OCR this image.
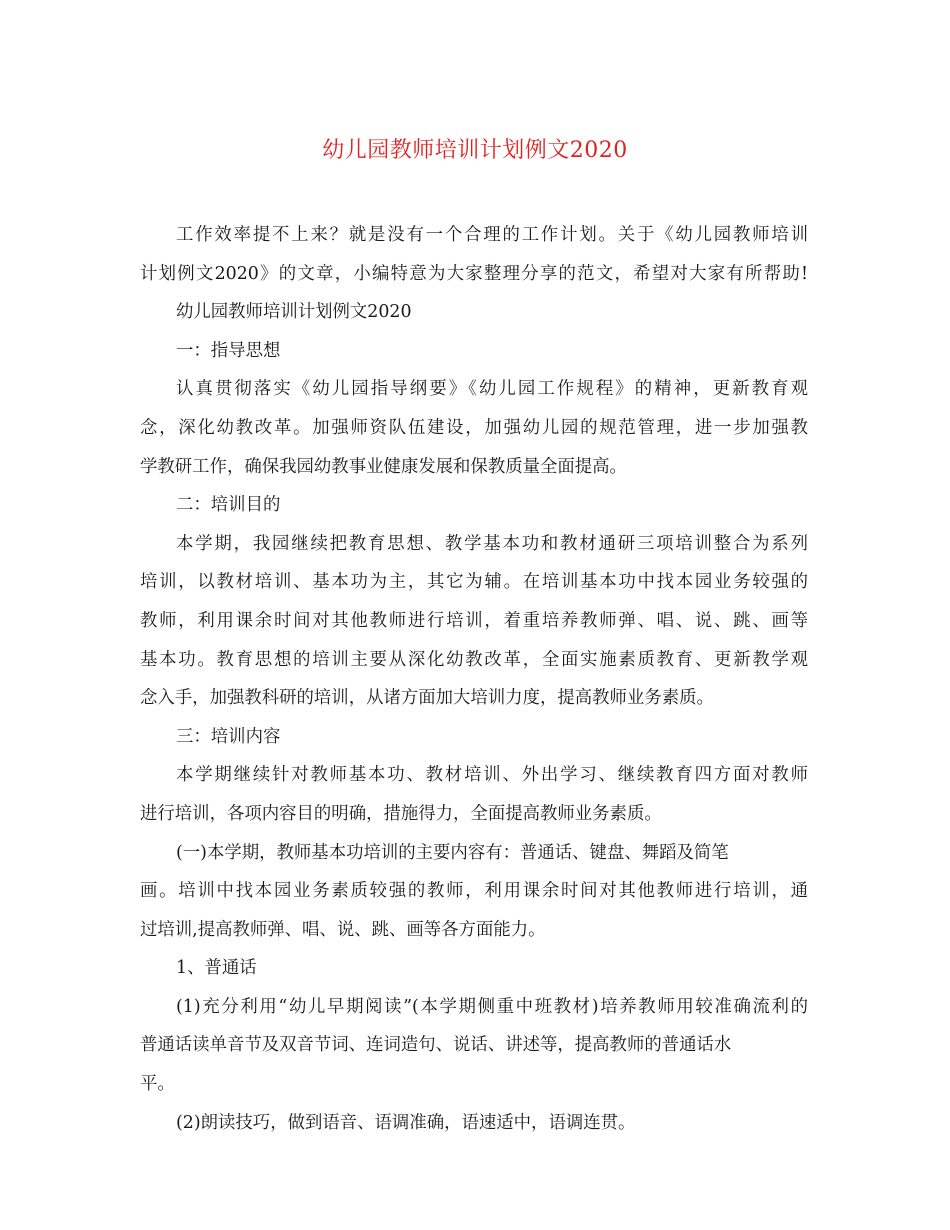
幼儿园教师培训计划例文2020
工作效率提不上来？就是没有一个合理的工作计划。关于《幼儿园教师培训
计划例文2020》的文章，小编特意为大家整理分享的范文，希望对大家有所帮助!
幼儿园教师培训计划例文2020
一：指导思想
认真贯彻落实《幼儿园指导纲要》《幼儿园工作规程》的精神，更新教育观
念，深化幼教改革。加强师资队伍建设，加强幼儿园的规范管理，进一步加强教
学教研工作，确保我园幼教事业健康发展和保教质量全面提高。
二：培训目的
本学期，我园继续把教育思想、教学基本功和教材通研三项培训整合为系列
培训，以教材培训、基本功为主，其它为辅。在培训基本功中找本园业务较强的
教师，利用课余时间对其他教师进行培训，着重培养教师弹、唱、说、跳、画等
基本功。教育思想的培训主要从深化幼教改革，全面实施素质教育、更新教学观
念入手，加强教科研的培训，从诸方面加大培训力度，提高教师业务素质。
三：培训内容
本学期继续针对教师基本功、教材培训、外出学习、继续教育四方面对教师
进行培训，各项内容目的明确，措施得力，全面提高教师业务素质。
(一)本学期，教师基本功培训的主要内容有：普通话、键盘、舞蹈及简笔
画。培训中找本园业务素质较强的教师，利用课余时间对其他教师进行培训，通
过培训,提高教师弹、唱、说、跳、画等各方面能力。
1、普通话
(1)充分利用“幼儿早期阅读”(本学期侧重中班教材)培养教师用较准确流利的
普通话读单音节及双音节词、连词造句、说话、讲述等，提高教师的普通话水
平。
(2)朗读技巧，做到语音、语调准确，语速适中，语调连贯。
